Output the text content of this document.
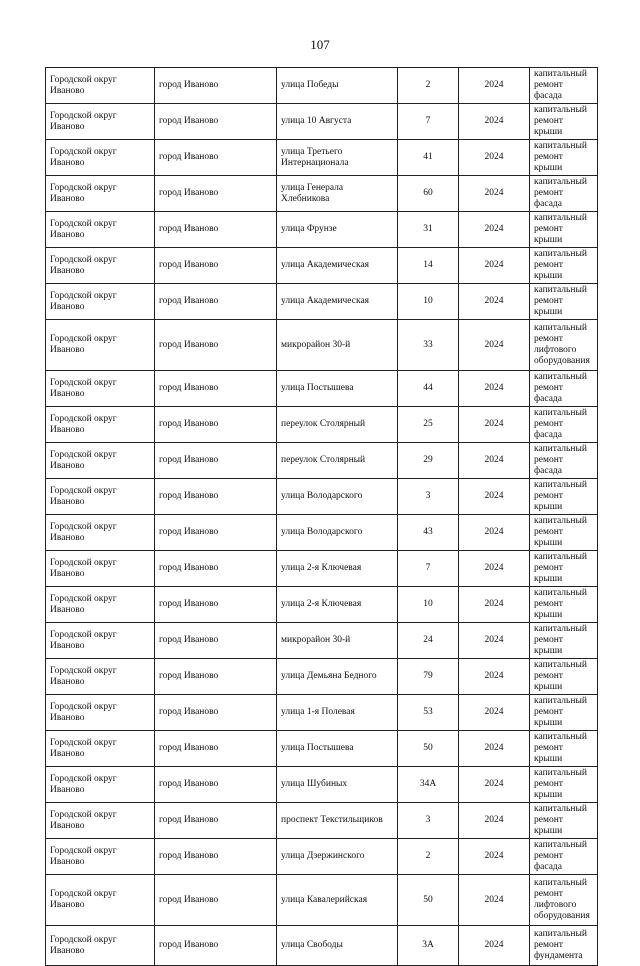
107
Городской округ Иваново	город Иваново	улица Победы	2	2024	капитальный ремонт фасада
Городской округ Иваново	город Иваново	улица 10 Августа	7	2024	капитальный ремонт крыши
Городской округ Иваново	город Иваново	улица Третьего Интернационала	41	2024	капитальный ремонт крыши
Городской округ Иваново	город Иваново	улица Генерала Хлебникова	60	2024	капитальный ремонт фасада
Городской округ Иваново	город Иваново	улица Фрунзе	31	2024	капитальный ремонт крыши
Городской округ Иваново	город Иваново	улица Академическая	14	2024	капитальный ремонт крыши
Городской округ Иваново	город Иваново	улица Академическая	10	2024	капитальный ремонт крыши
Городской округ Иваново	город Иваново	микрорайон 30-й	33	2024	капитальный ремонт лифтового оборудования
Городской округ Иваново	город Иваново	улица Постышева	44	2024	капитальный ремонт фасада
Городской округ Иваново	город Иваново	переулок Столярный	25	2024	капитальный ремонт фасада
Городской округ Иваново	город Иваново	переулок Столярный	29	2024	капитальный ремонт фасада
Городской округ Иваново	город Иваново	улица Володарского	3	2024	капитальный ремонт крыши
Городской округ Иваново	город Иваново	улица Володарского	43	2024	капитальный ремонт крыши
Городской округ Иваново	город Иваново	улица 2-я Ключевая	7	2024	капитальный ремонт крыши
Городской округ Иваново	город Иваново	улица 2-я Ключевая	10	2024	капитальный ремонт крыши
Городской округ Иваново	город Иваново	микрорайон 30-й	24	2024	капитальный ремонт крыши
Городской округ Иваново	город Иваново	улица Демьяна Бедного	79	2024	капитальный ремонт крыши
Городской округ Иваново	город Иваново	улица 1-я Полевая	53	2024	капитальный ремонт крыши
Городской округ Иваново	город Иваново	улица Постышева	50	2024	капитальный ремонт крыши
Городской округ Иваново	город Иваново	улица Шубиных	34А	2024	капитальный ремонт крыши
Городской округ Иваново	город Иваново	проспект Текстильщиков	3	2024	капитальный ремонт крыши
Городской округ Иваново	город Иваново	улица Дзержинского	2	2024	капитальный ремонт фасада
Городской округ Иваново	город Иваново	улица Кавалерийская	50	2024	капитальный ремонт лифтового оборудования
Городской округ Иваново	город Иваново	улица Свободы	3А	2024	капитальный ремонт фундамента
